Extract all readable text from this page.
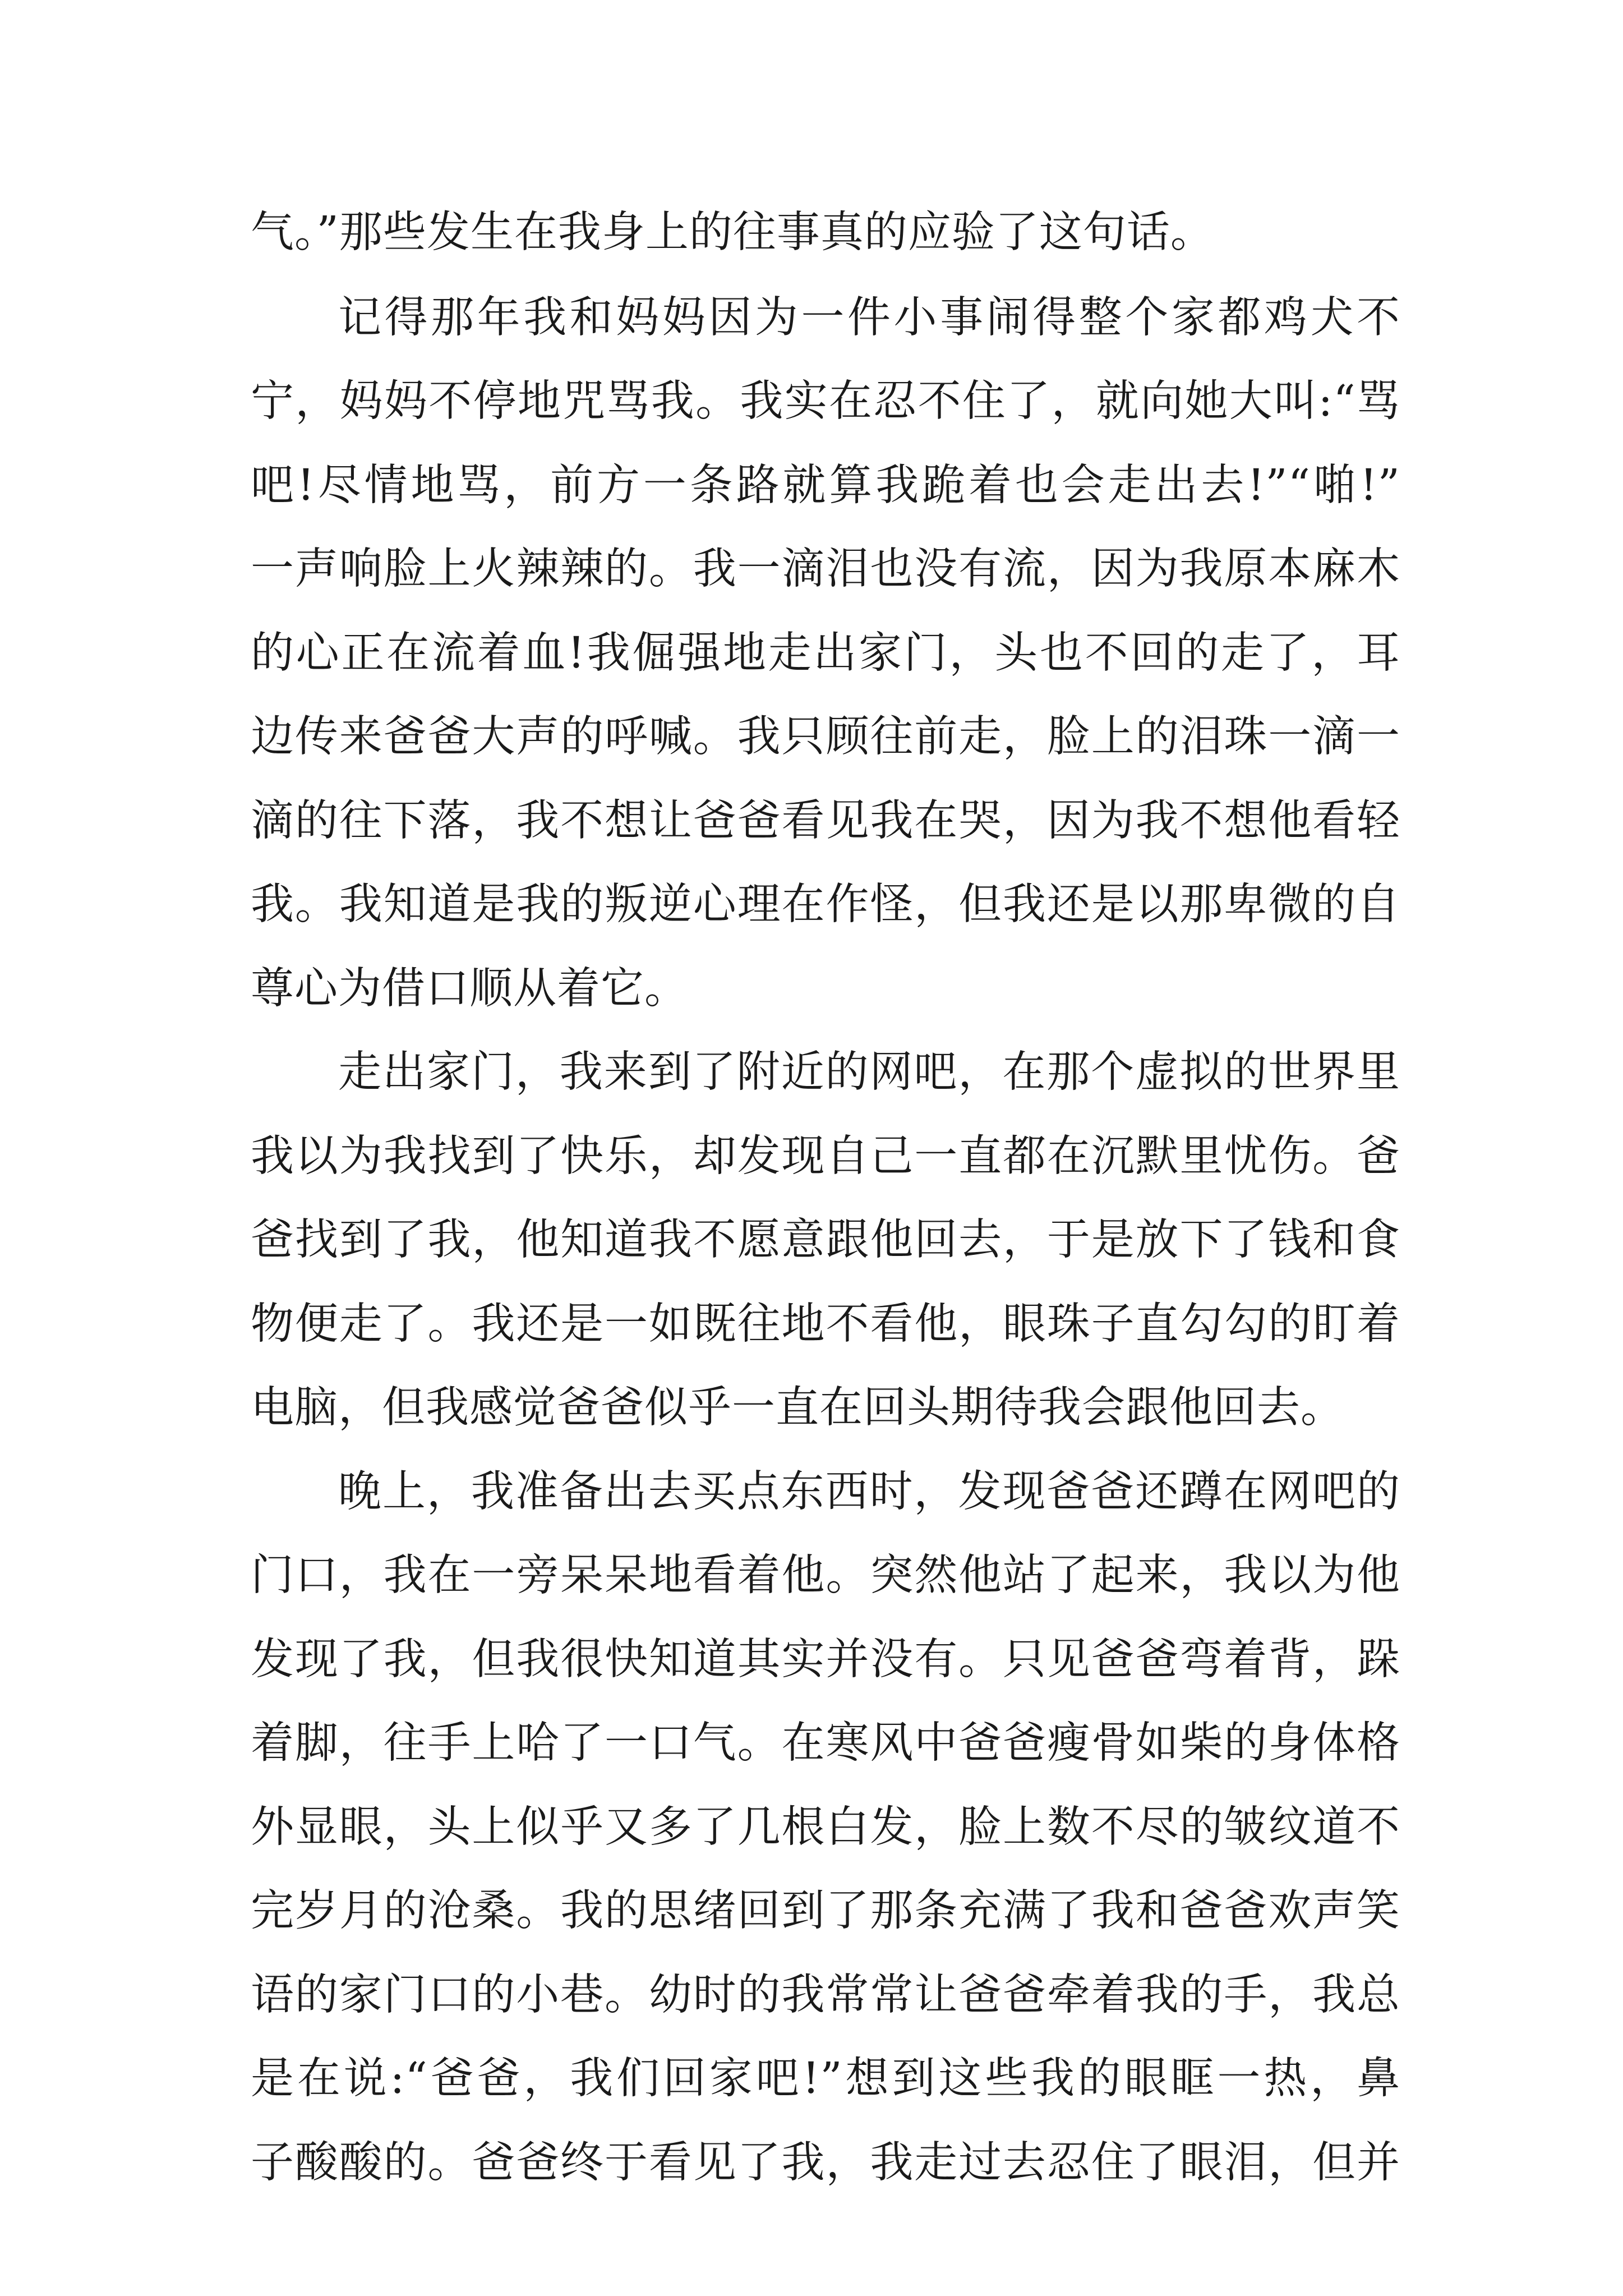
气。”那些发生在我身上的往事真的应验了这句话。
记得那年我和妈妈因为一件小事闹得整个家都鸡犬不
宁，妈妈不停地咒骂我。我实在忍不住了，就向她大叫:“骂
吧!尽情地骂，前方一条路就算我跪着也会走出去!”“啪!”
一声响脸上火辣辣的。我一滴泪也没有流，因为我原本麻木
的心正在流着血!我倔强地走出家门，头也不回的走了，耳
边传来爸爸大声的呼喊。我只顾往前走，脸上的泪珠一滴一
滴的往下落，我不想让爸爸看见我在哭，因为我不想他看轻
我。我知道是我的叛逆心理在作怪，但我还是以那卑微的自
尊心为借口顺从着它。
走出家门，我来到了附近的网吧，在那个虚拟的世界里
我以为我找到了快乐，却发现自己一直都在沉默里忧伤。爸
爸找到了我，他知道我不愿意跟他回去，于是放下了钱和食
物便走了。我还是一如既往地不看他，眼珠子直勾勾的盯着
电脑，但我感觉爸爸似乎一直在回头期待我会跟他回去。
晚上，我准备出去买点东西时，发现爸爸还蹲在网吧的
门口，我在一旁呆呆地看着他。突然他站了起来，我以为他
发现了我，但我很快知道其实并没有。只见爸爸弯着背，跺
着脚，往手上哈了一口气。在寒风中爸爸瘦骨如柴的身体格
外显眼，头上似乎又多了几根白发，脸上数不尽的皱纹道不
完岁月的沧桑。我的思绪回到了那条充满了我和爸爸欢声笑
语的家门口的小巷。幼时的我常常让爸爸牵着我的手，我总
是在说:“爸爸，我们回家吧!”想到这些我的眼眶一热，鼻
子酸酸的。爸爸终于看见了我，我走过去忍住了眼泪，但并
